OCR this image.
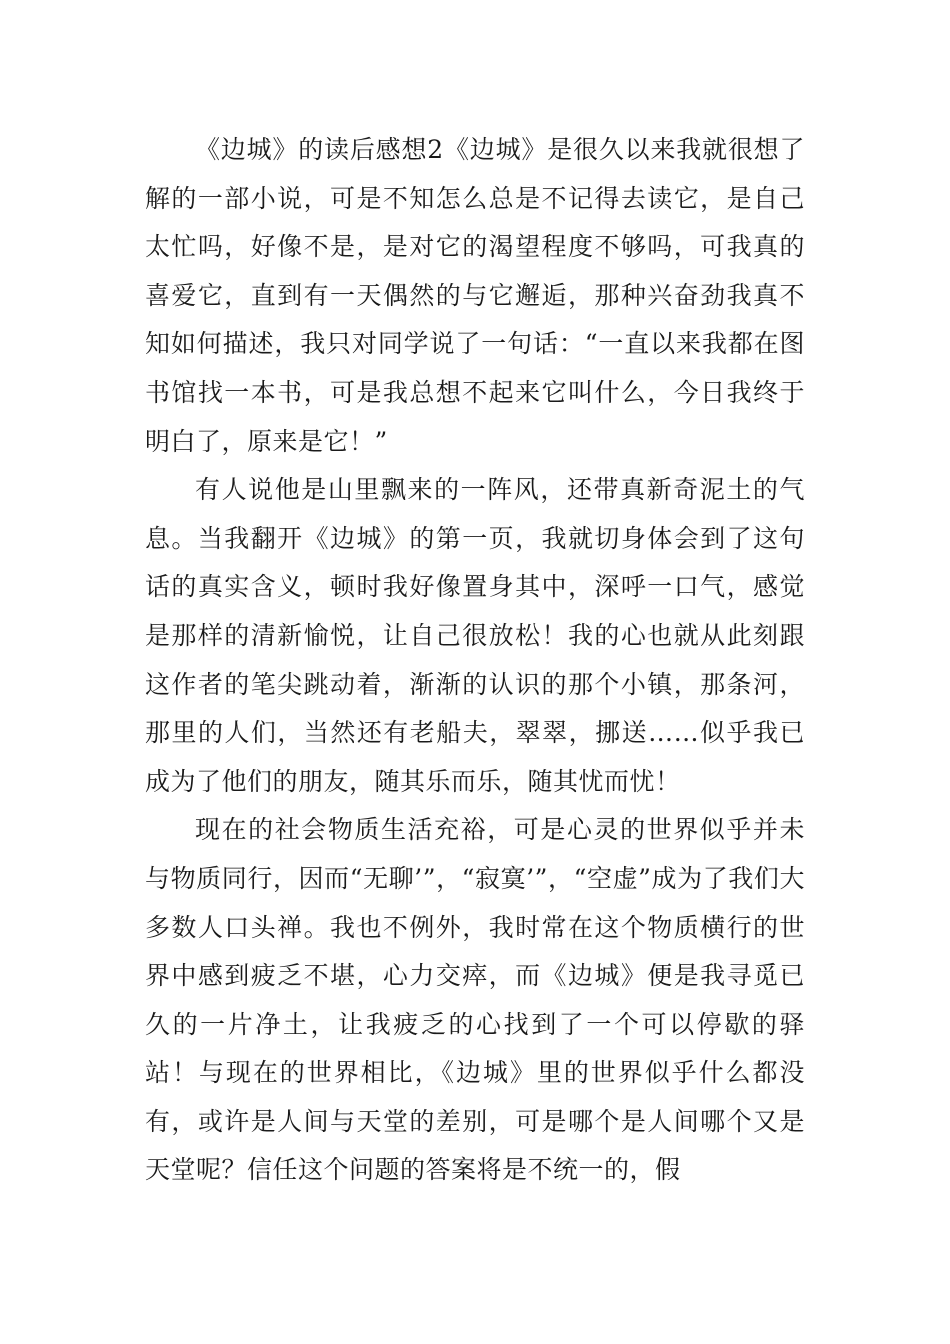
《边城》的读后感想2《边城》是很久以来我就很想了解的一部小说，可是不知怎么总是不记得去读它，是自己太忙吗，好像不是，是对它的渴望程度不够吗，可我真的喜爱它，直到有一天偶然的与它邂逅，那种兴奋劲我真不知如何描述，我只对同学说了一句话：“一直以来我都在图书馆找一本书，可是我总想不起来它叫什么，今日我终于明白了，原来是它！”

有人说他是山里飘来的一阵风，还带真新奇泥土的气息。当我翻开《边城》的第一页，我就切身体会到了这句话的真实含义，顿时我好像置身其中，深呼一口气，感觉是那样的清新愉悦，让自己很放松！我的心也就从此刻跟这作者的笔尖跳动着，渐渐的认识的那个小镇，那条河，那里的人们，当然还有老船夫，翠翠，挪送……似乎我已成为了他们的朋友，随其乐而乐，随其忧而忧！

现在的社会物质生活充裕，可是心灵的世界似乎并未与物质同行，因而“无聊’”，“寂寞’”，“空虚”成为了我们大多数人口头禅。我也不例外，我时常在这个物质横行的世界中感到疲乏不堪，心力交瘁，而《边城》便是我寻觅已久的一片净土，让我疲乏的心找到了一个可以停歇的驿站！与现在的世界相比，《边城》里的世界似乎什么都没有，或许是人间与天堂的差别，可是哪个是人间哪个又是天堂呢？信任这个问题的答案将是不统一的，假
